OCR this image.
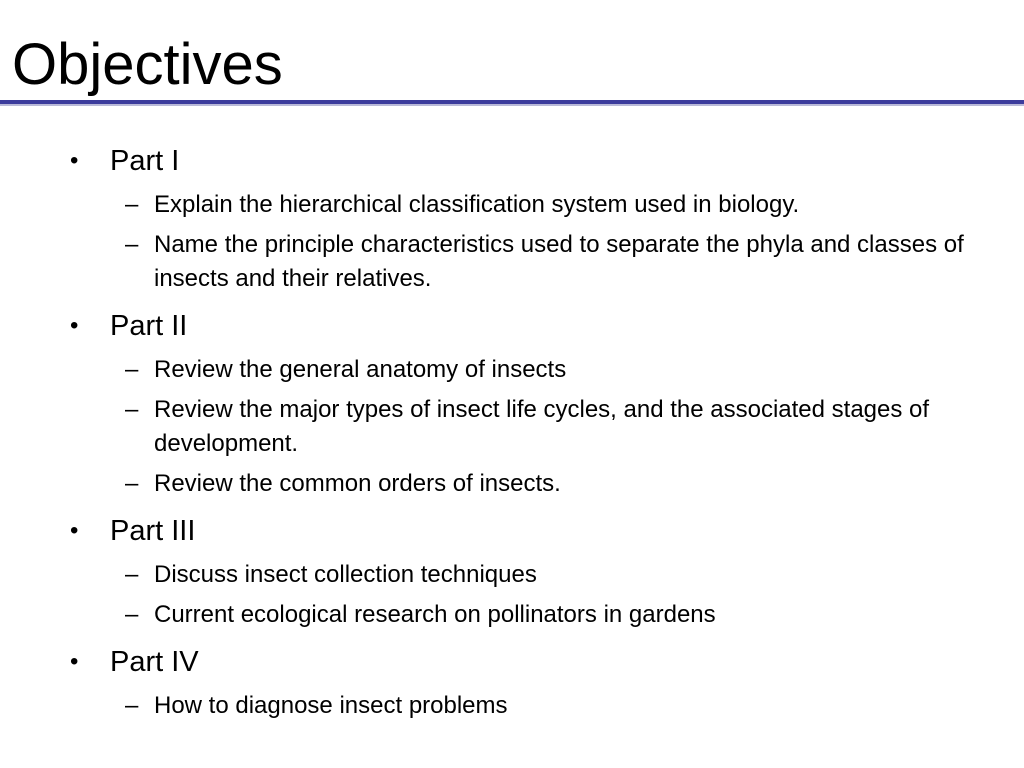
Objectives
• Part I
– Explain the hierarchical classification system used in biology.
– Name the principle characteristics used to separate the phyla and classes of insects and their relatives.
• Part II
– Review the general anatomy of insects
– Review the major types of insect life cycles, and the associated stages of development.
– Review the common orders of insects.
• Part III
– Discuss insect collection techniques
– Current ecological research on pollinators in gardens
• Part IV
– How to diagnose insect problems
